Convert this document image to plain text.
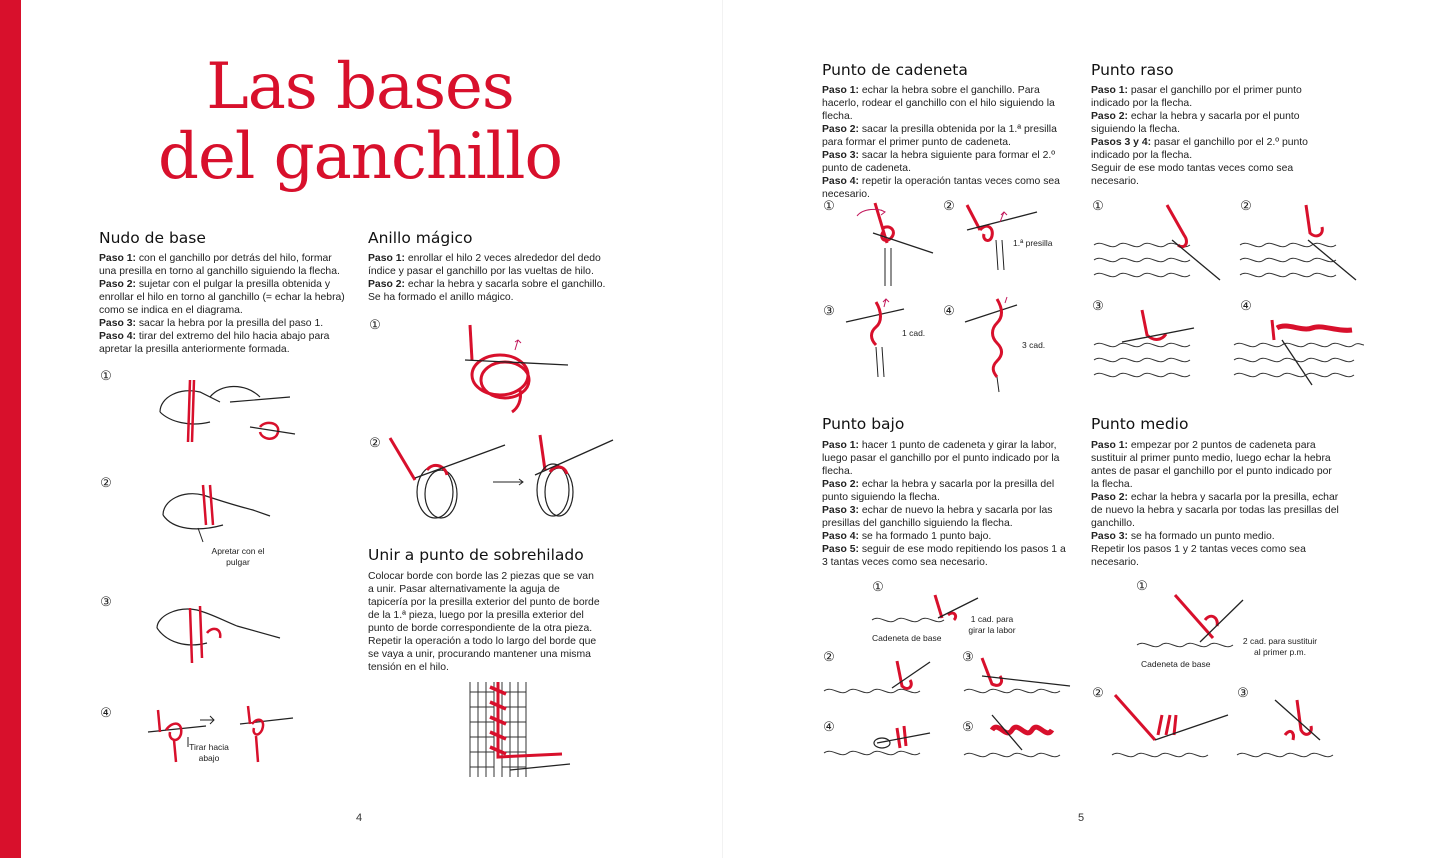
Las bases
del ganchillo
Nudo de base

Paso 1: con el ganchillo por detrás del hilo, formar una presilla en torno al ganchillo siguiendo la flecha.

Paso 2: sujetar con el pulgar la presilla obtenida y enrollar el hilo en torno al ganchillo (= echar la hebra) como se indica en el diagrama.

Paso 3: sacar la hebra por la presilla del paso 1.

Paso 4: tirar del extremo del hilo hacia abajo para apretar la presilla anteriormente formada.

①
②
Apretar con el pulgar
③
④
Tirar hacia abajo
Anillo mágico

Paso 1: enrollar el hilo 2 veces alrededor del dedo índice y pasar el ganchillo por las vueltas de hilo.

Paso 2: echar la hebra y sacarla sobre el ganchillo.

Se ha formado el anillo mágico.

①
②
Unir a punto de sobrehilado

Colocar borde con borde las 2 piezas que se van a unir. Pasar alternativamente la aguja de tapicería por la presilla exterior del punto de borde de la 1.ª pieza, luego por la presilla exterior del punto de borde correspondiente de la otra pieza. Repetir la operación a todo lo largo del borde que se vaya a unir, procurando mantener una misma tensión en el hilo.

4
Punto de cadeneta

Paso 1: echar la hebra sobre el ganchillo. Para hacerlo, rodear el ganchillo con el hilo siguiendo la flecha.

Paso 2: sacar la presilla obtenida por la 1.ª presilla para formar el primer punto de cadeneta.

Paso 3: sacar la hebra siguiente para formar el 2.º punto de cadeneta.

Paso 4: repetir la operación tantas veces como sea necesario.

①	②
1.ª presilla
③
1 cad.
④
3 cad.
Punto raso

Paso 1: pasar el ganchillo por el primer punto indicado por la flecha.

Paso 2: echar la hebra y sacarla por el punto siguiendo la flecha.

Pasos 3 y 4: pasar el ganchillo por el 2.º punto indicado por la flecha.

Seguir de ese modo tantas veces como sea necesario.

①	②
③	④
Punto bajo

Paso 1: hacer 1 punto de cadeneta y girar la labor, luego pasar el ganchillo por el punto indicado por la flecha.

Paso 2: echar la hebra y sacarla por la presilla del punto siguiendo la flecha.

Paso 3: echar de nuevo la hebra y sacarla por las presillas del ganchillo siguiendo la flecha.

Paso 4: se ha formado 1 punto bajo.

Paso 5: seguir de ese modo repitiendo los pasos 1 a 3 tantas veces como sea necesario.

①
1 cad. para girar la labor
Cadeneta de base
②	③
④	⑤
Punto medio

Paso 1: empezar por 2 puntos de cadeneta para sustituir al primer punto medio, luego echar la hebra antes de pasar el ganchillo por el punto indicado por la flecha.

Paso 2: echar la hebra y sacarla por la presilla, echar de nuevo la hebra y sacarla por todas las presillas del ganchillo.

Paso 3: se ha formado un punto medio.

Repetir los pasos 1 y 2 tantas veces como sea necesario.

①
2 cad. para sustituir al primer p.m.
Cadeneta de base
②	③
5
